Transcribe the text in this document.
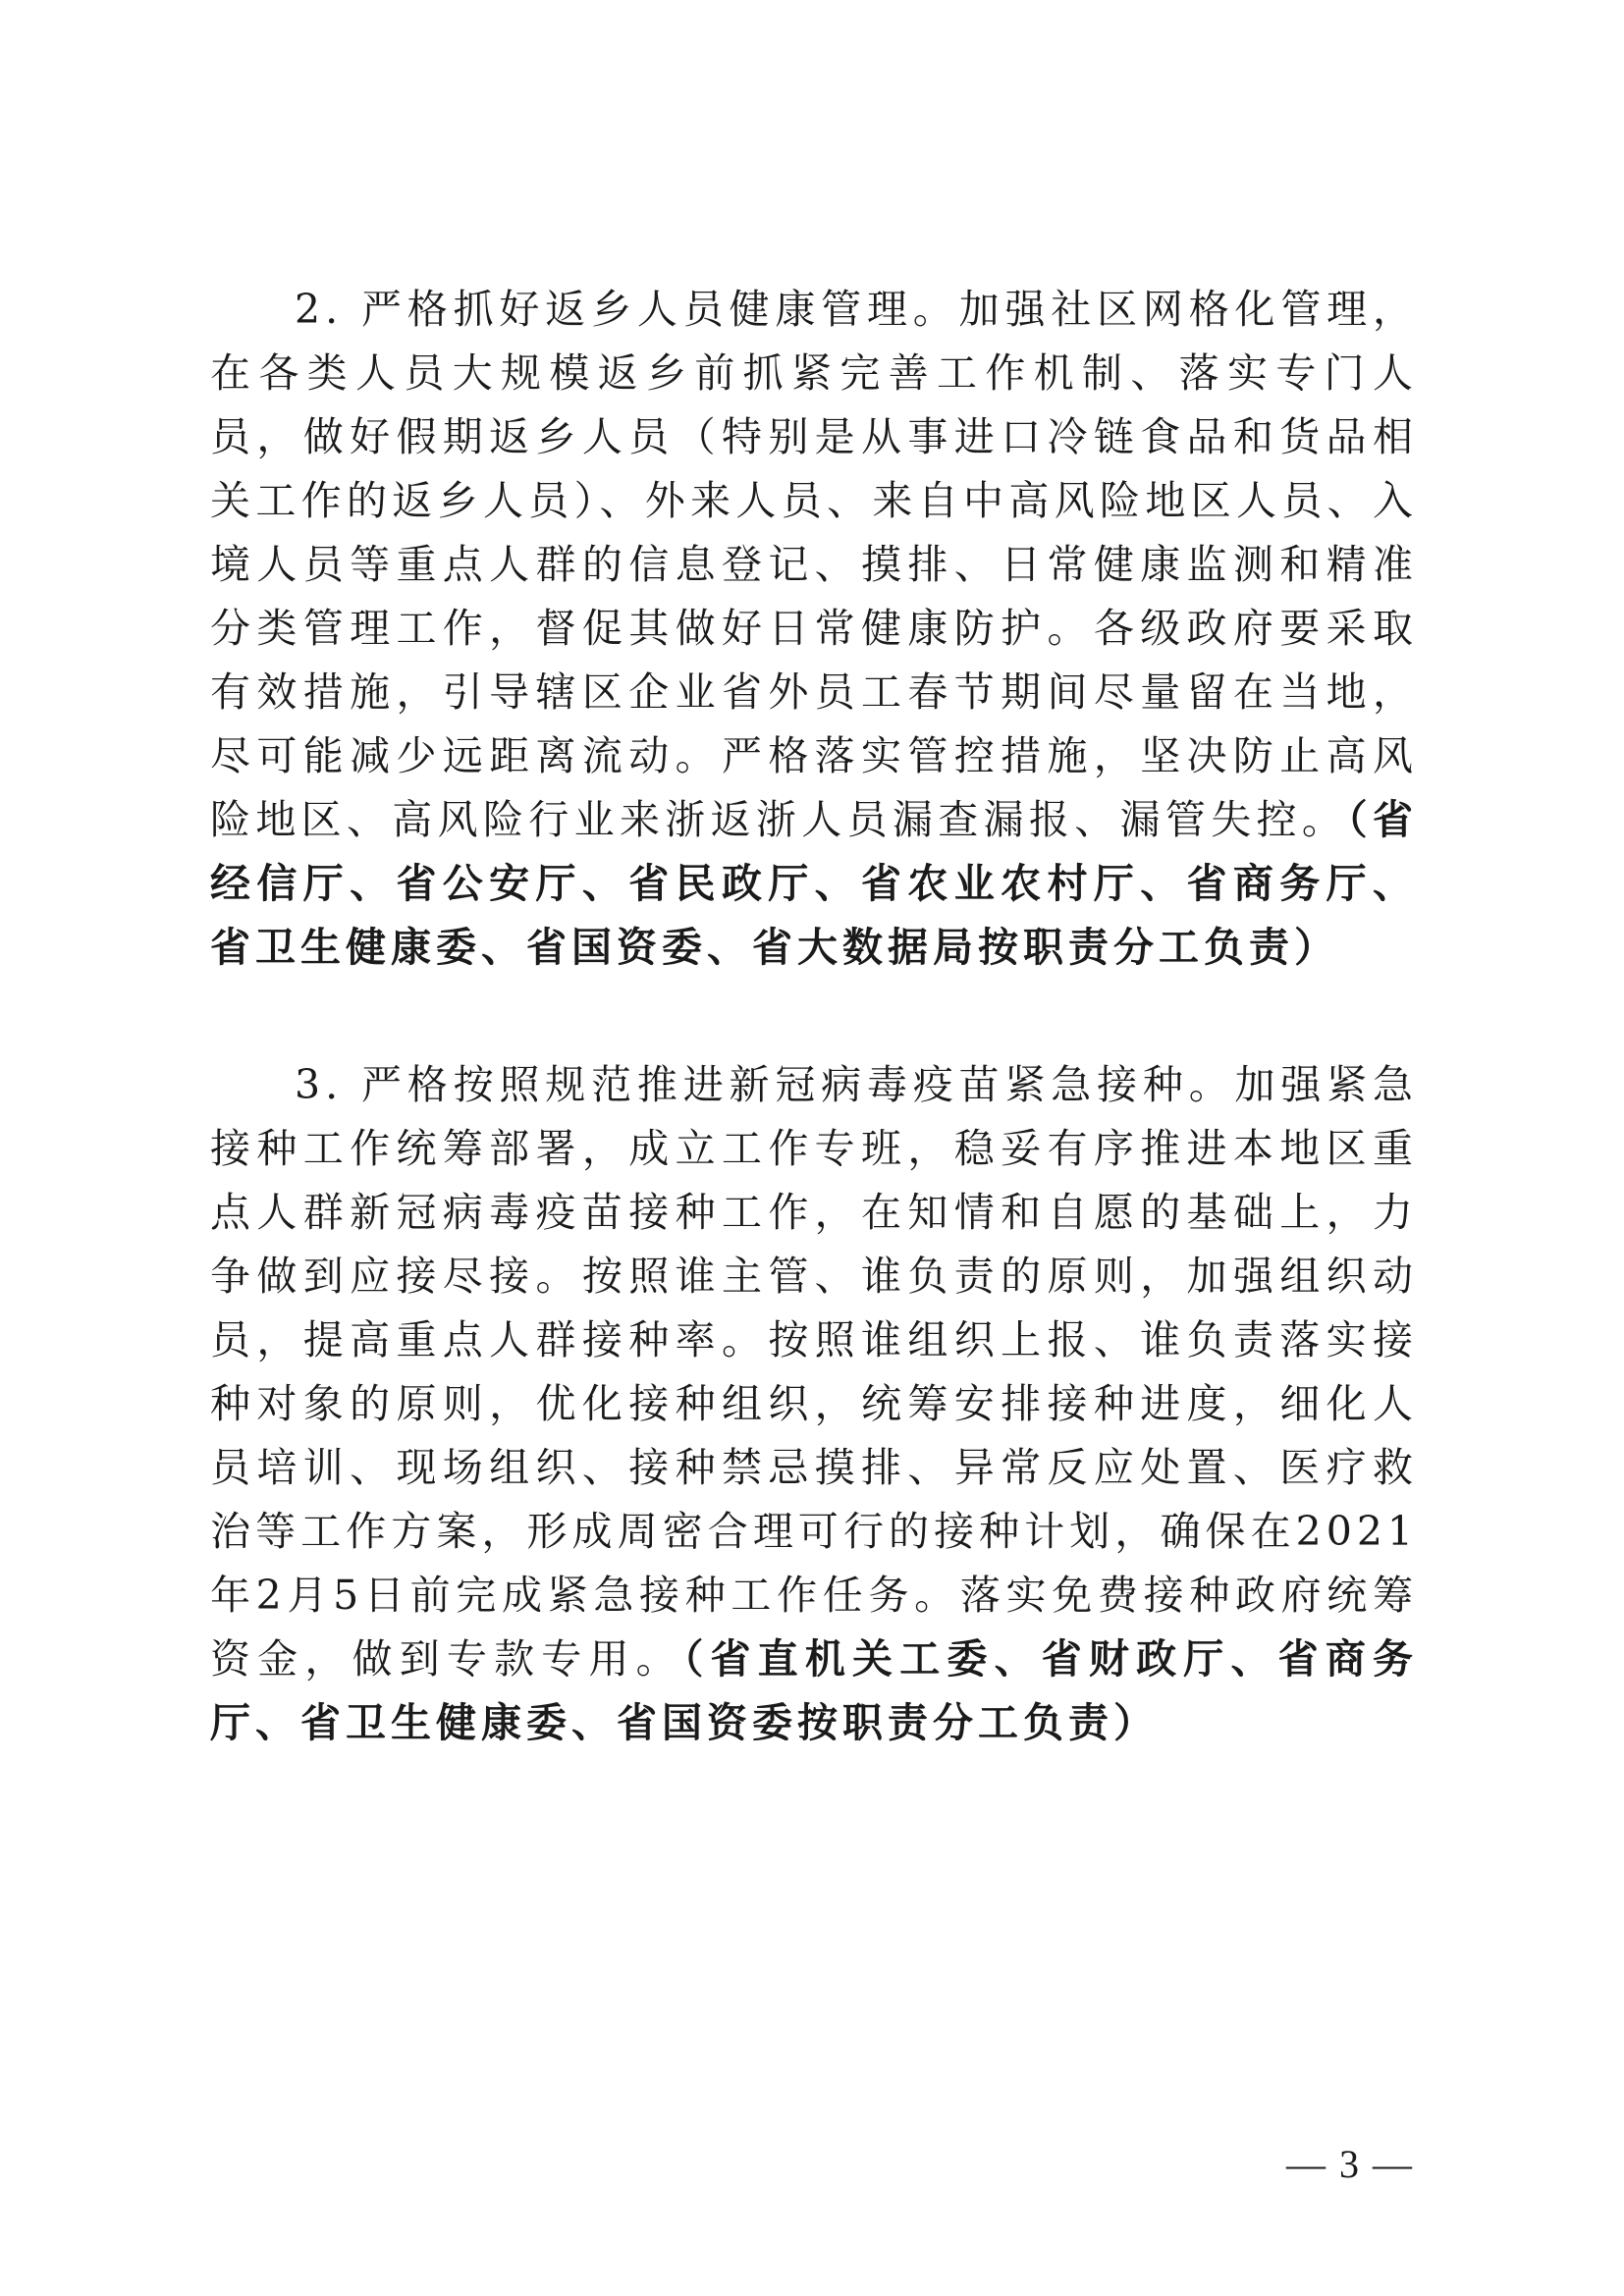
2. 严格抓好返乡人员健康管理。加强社区网格化管理，在各类人员大规模返乡前抓紧完善工作机制、落实专门人员，做好假期返乡人员（特别是从事进口冷链食品和货品相关工作的返乡人员）、外来人员、来自中高风险地区人员、入境人员等重点人群的信息登记、摸排、日常健康监测和精准分类管理工作，督促其做好日常健康防护。各级政府要采取有效措施，引导辖区企业省外员工春节期间尽量留在当地，尽可能减少远距离流动。严格落实管控措施，坚决防止高风险地区、高风险行业来浙返浙人员漏查漏报、漏管失控。（省经信厅、省公安厅、省民政厅、省农业农村厅、省商务厅、省卫生健康委、省国资委、省大数据局按职责分工负责）

3. 严格按照规范推进新冠病毒疫苗紧急接种。加强紧急接种工作统筹部署，成立工作专班，稳妥有序推进本地区重点人群新冠病毒疫苗接种工作，在知情和自愿的基础上，力争做到应接尽接。按照谁主管、谁负责的原则，加强组织动员，提高重点人群接种率。按照谁组织上报、谁负责落实接种对象的原则，优化接种组织，统筹安排接种进度，细化人员培训、现场组织、接种禁忌摸排、异常反应处置、医疗救治等工作方案，形成周密合理可行的接种计划，确保在2021年2月5日前完成紧急接种工作任务。落实免费接种政府统筹资金，做到专款专用。（省直机关工委、省财政厅、省商务厅、省卫生健康委、省国资委按职责分工负责）

— 3 —
